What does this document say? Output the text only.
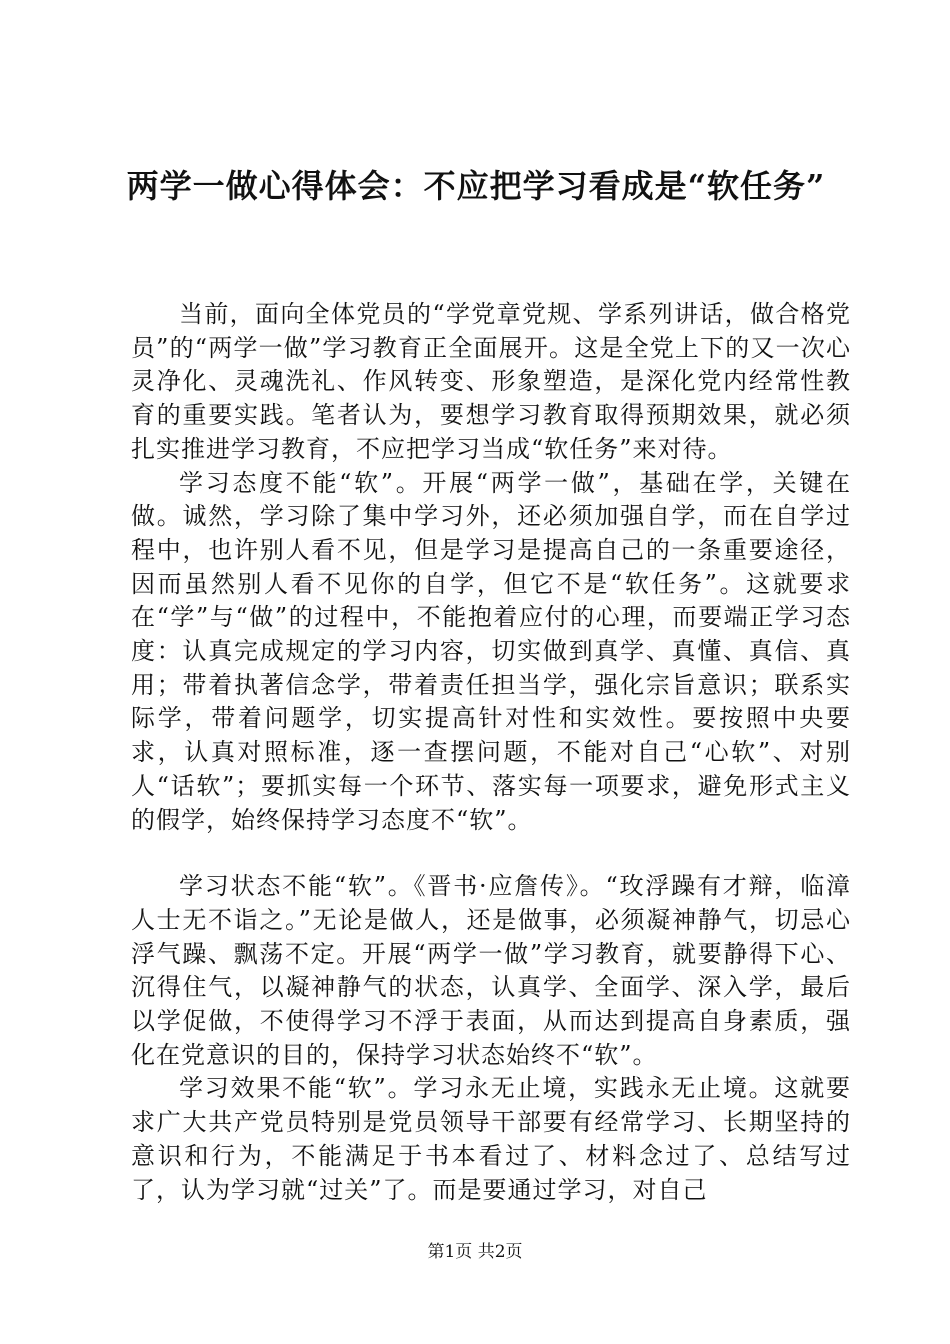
两学一做心得体会：不应把学习看成是“软任务”

当前，面向全体党员的“学党章党规、学系列讲话，做合格党员”的“两学一做”学习教育正全面展开。这是全党上下的又一次心灵净化、灵魂洗礼、作风转变、形象塑造，是深化党内经常性教育的重要实践。笔者认为，要想学习教育取得预期效果，就必须扎实推进学习教育，不应把学习当成“软任务”来对待。

学习态度不能“软”。开展“两学一做”，基础在学，关键在做。诚然，学习除了集中学习外，还必须加强自学，而在自学过程中，也许别人看不见，但是学习是提高自己的一条重要途径，因而虽然别人看不见你的自学，但它不是“软任务”。这就要求在“学”与“做”的过程中，不能抱着应付的心理，而要端正学习态度：认真完成规定的学习内容，切实做到真学、真懂、真信、真用；带着执著信念学，带着责任担当学，强化宗旨意识；联系实际学，带着问题学，切实提高针对性和实效性。要按照中央要求，认真对照标准，逐一查摆问题，不能对自己“心软”、对别人“话软”；要抓实每一个环节、落实每一项要求，避免形式主义的假学，始终保持学习态度不“软”。

学习状态不能“软”。《晋书·应詹传》。“玫浮躁有才辩，临漳人士无不诣之。”无论是做人，还是做事，必须凝神静气，切忌心浮气躁、飘荡不定。开展“两学一做”学习教育，就要静得下心、沉得住气，以凝神静气的状态，认真学、全面学、深入学，最后以学促做，不使得学习不浮于表面，从而达到提高自身素质，强化在党意识的目的，保持学习状态始终不“软”。

学习效果不能“软”。学习永无止境，实践永无止境。这就要求广大共产党员特别是党员领导干部要有经常学习、长期坚持的意识和行为，不能满足于书本看过了、材料念过了、总结写过了，认为学习就“过关”了。而是要通过学习，对自己

第1页 共2页
